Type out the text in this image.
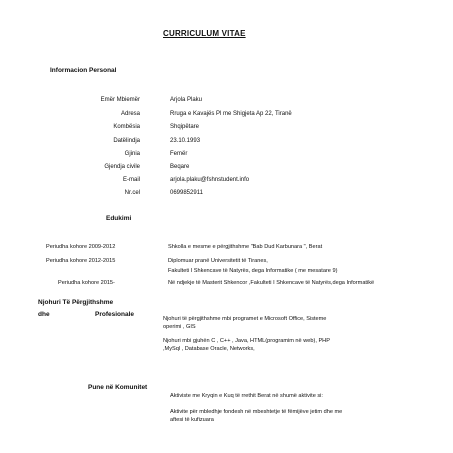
CURRICULUM VITAE
Informacion Personal
Emër Mbiemër	Arjola Plaku
Adresa	Rruga e Kavajës Pl me Shigjeta Ap 22, Tiranë
Kombësia	Shqipëtare
Datëlindja	23.10.1993
Gjinia	Femër
Gjendja civile	Beqare
E-mail	arjola.plaku@fshnstudent.info
Nr.cel	0699852911
Edukimi
Periudha kohore 2009-2012	Shkolla e mesme e përgjithshme "Bab Dud Karbunara ", Berat
Periudha kohore 2012-2015	Diplomuar pranë Universitetit të Tiranes,
Fakulteti I Shkencave të Natyrës, dega Informatike ( me mesatare 9)
Periudha kohore 2015-	Në ndjekje të Masterit Shkencor ,Fakulteti I Shkencave të Natyrës,dega Informatikë
Njohuri Të Përgjithshme
dhe	Profesionale
Njohuri të përgjithshme mbi programet e Microsoft Office, Sisteme
operimi , GIS
Njohuri mbi gjuhën C , C++ , Java, HTML(programim në web), PHP
,MySql , Database Oracle, Networks,
Pune në Komunitet
Aktiviste me Kryqin e Kuq të rrethit Berat në shumë aktivite si:
Aktivite për mbledhje fondesh në mbeshtetje të fëmijëve jetim dhe me
aftesi të kufizuara
